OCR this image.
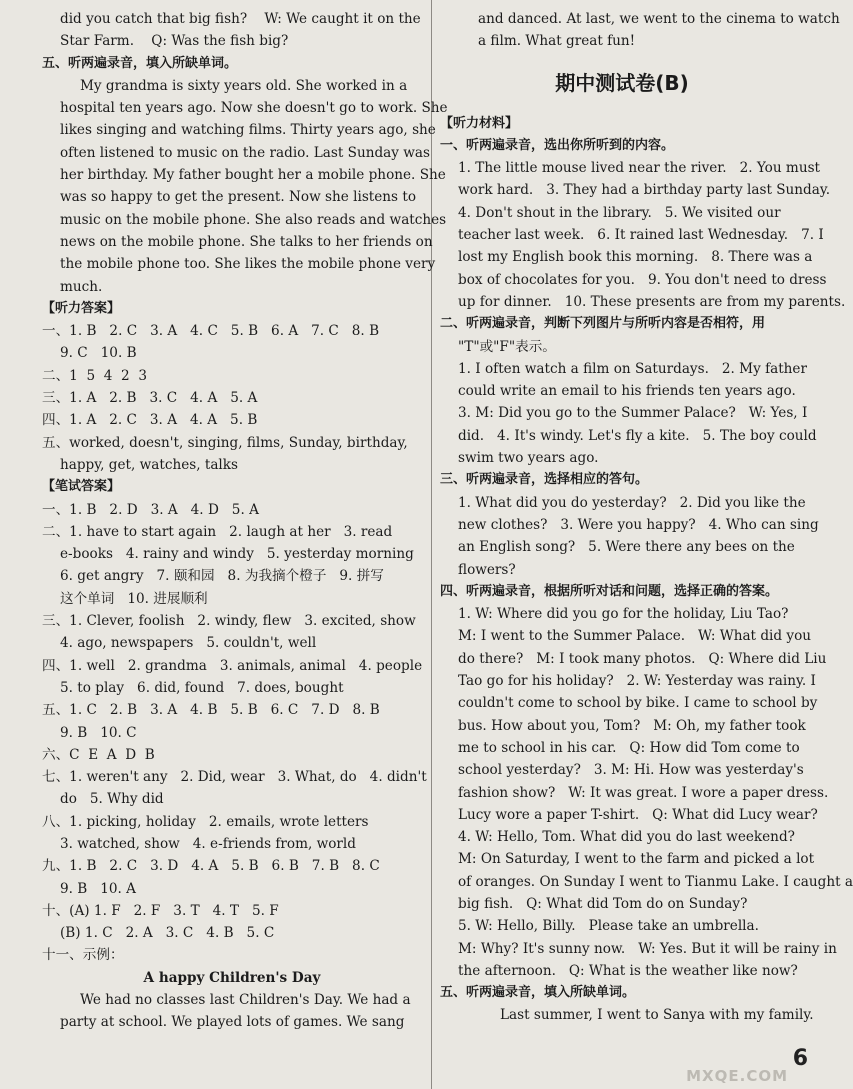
did you catch that big fish?    W: We caught it on the
Star Farm.    Q: Was the fish big?
五、听两遍录音，填入所缺单词。
My grandma is sixty years old. She worked in a
hospital ten years ago. Now she doesn't go to work. She
likes singing and watching films. Thirty years ago, she
often listened to music on the radio. Last Sunday was
her birthday. My father bought her a mobile phone. She
was so happy to get the present. Now she listens to
music on the mobile phone. She also reads and watches
news on the mobile phone. She talks to her friends on
the mobile phone too. She likes the mobile phone very
much.
【听力答案】
一、1. B   2. C   3. A   4. C   5. B   6. A   7. C   8. B
9. C   10. B
二、1  5  4  2  3
三、1. A   2. B   3. C   4. A   5. A
四、1. A   2. C   3. A   4. A   5. B
五、worked, doesn't, singing, films, Sunday, birthday,
happy, get, watches, talks
【笔试答案】
一、1. B   2. D   3. A   4. D   5. A
二、1. have to start again   2. laugh at her   3. read
e-books   4. rainy and windy   5. yesterday morning
6. get angry   7. 颐和园   8. 为我摘个橙子   9. 拼写
这个单词   10. 进展顺利
三、1. Clever, foolish   2. windy, flew   3. excited, show
4. ago, newspapers   5. couldn't, well
四、1. well   2. grandma   3. animals, animal   4. people
5. to play   6. did, found   7. does, bought
五、1. C   2. B   3. A   4. B   5. B   6. C   7. D   8. B
9. B   10. C
六、C  E  A  D  B
七、1. weren't any   2. Did, wear   3. What, do   4. didn't
do   5. Why did
八、1. picking, holiday   2. emails, wrote letters
3. watched, show   4. e-friends from, world
九、1. B   2. C   3. D   4. A   5. B   6. B   7. B   8. C
9. B   10. A
十、(A) 1. F   2. F   3. T   4. T   5. F
(B) 1. C   2. A   3. C   4. B   5. C
十一、示例：
A happy Children's Day
We had no classes last Children's Day. We had a
party at school. We played lots of games. We sang
and danced. At last, we went to the cinema to watch
a film. What great fun!
期中测试卷(B)
【听力材料】
一、听两遍录音，选出你所听到的内容。
1. The little mouse lived near the river.   2. You must
work hard.   3. They had a birthday party last Sunday.
4. Don't shout in the library.   5. We visited our
teacher last week.   6. It rained last Wednesday.   7. I
lost my English book this morning.   8. There was a
box of chocolates for you.   9. You don't need to dress
up for dinner.   10. These presents are from my parents.
二、听两遍录音，判断下列图片与所听内容是否相符，用
"T"或"F"表示。
1. I often watch a film on Saturdays.   2. My father
could write an email to his friends ten years ago.
3. M: Did you go to the Summer Palace?   W: Yes, I
did.   4. It's windy. Let's fly a kite.   5. The boy could
swim two years ago.
三、听两遍录音，选择相应的答句。
1. What did you do yesterday?   2. Did you like the
new clothes?   3. Were you happy?   4. Who can sing
an English song?   5. Were there any bees on the
flowers?
四、听两遍录音，根据所听对话和问题，选择正确的答案。
1. W: Where did you go for the holiday, Liu Tao?
M: I went to the Summer Palace.   W: What did you
do there?   M: I took many photos.   Q: Where did Liu
Tao go for his holiday?   2. W: Yesterday was rainy. I
couldn't come to school by bike. I came to school by
bus. How about you, Tom?   M: Oh, my father took
me to school in his car.   Q: How did Tom come to
school yesterday?   3. M: Hi. How was yesterday's
fashion show?   W: It was great. I wore a paper dress.
Lucy wore a paper T-shirt.   Q: What did Lucy wear?
4. W: Hello, Tom. What did you do last weekend?
M: On Saturday, I went to the farm and picked a lot
of oranges. On Sunday I went to Tianmu Lake. I caught a
big fish.   Q: What did Tom do on Sunday?
5. W: Hello, Billy.   Please take an umbrella.
M: Why? It's sunny now.   W: Yes. But it will be rainy in
the afternoon.   Q: What is the weather like now?
五、听两遍录音，填入所缺单词。
Last summer, I went to Sanya with my family.
6
MXQE.COM
